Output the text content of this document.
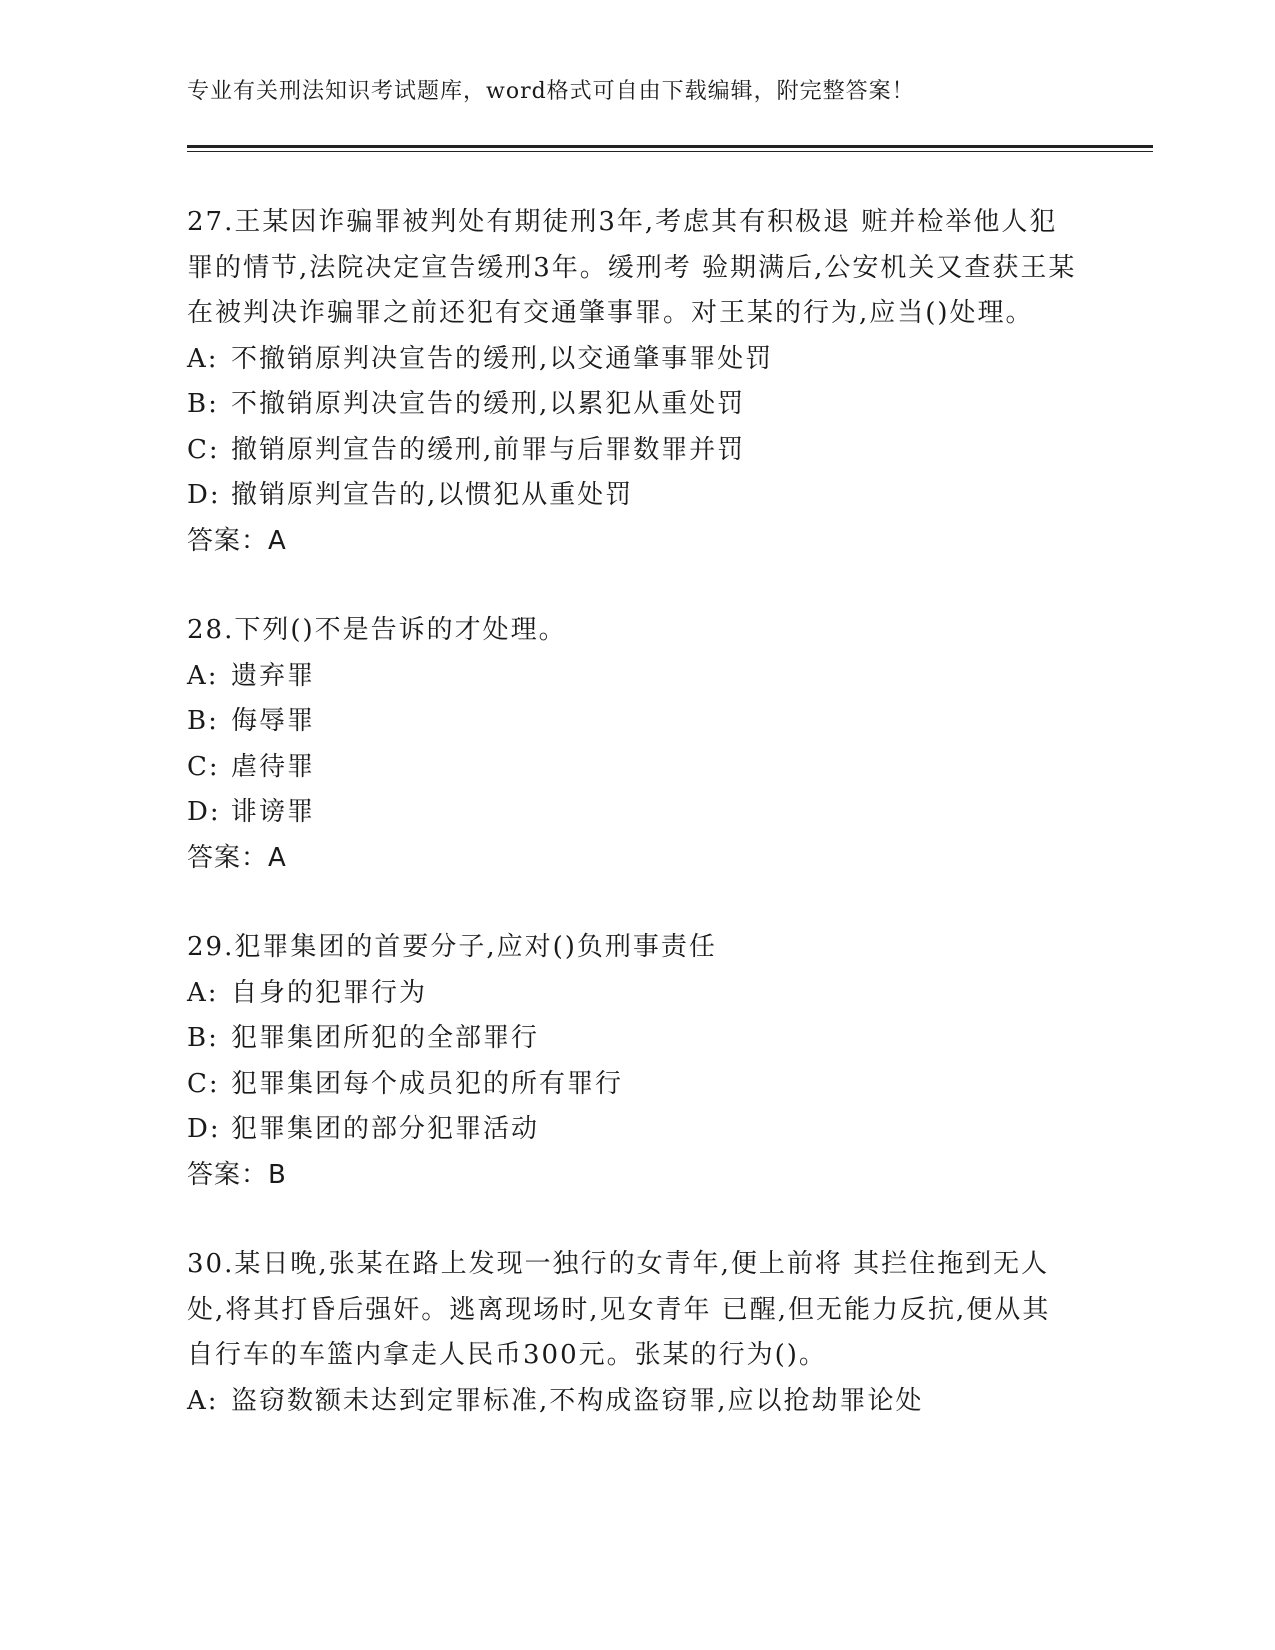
专业有关刑法知识考试题库，word格式可自由下载编辑，附完整答案！
27.王某因诈骗罪被判处有期徒刑3年,考虑其有积极退 赃并检举他人犯罪的情节,法院决定宣告缓刑3年。缓刑考 验期满后,公安机关又查获王某在被判决诈骗罪之前还犯有交通肇事罪。对王某的行为,应当()处理。
A: 不撤销原判决宣告的缓刑,以交通肇事罪处罚
B: 不撤销原判决宣告的缓刑,以累犯从重处罚
C: 撤销原判宣告的缓刑,前罪与后罪数罪并罚
D: 撤销原判宣告的,以惯犯从重处罚
答案：A
28.下列()不是告诉的才处理。
A: 遗弃罪
B: 侮辱罪
C: 虐待罪
D: 诽谤罪
答案：A
29.犯罪集团的首要分子,应对()负刑事责任
A: 自身的犯罪行为
B: 犯罪集团所犯的全部罪行
C: 犯罪集团每个成员犯的所有罪行
D: 犯罪集团的部分犯罪活动
答案：B
30.某日晚,张某在路上发现一独行的女青年,便上前将 其拦住拖到无人处,将其打昏后强奸。逃离现场时,见女青年 已醒,但无能力反抗,便从其自行车的车篮内拿走人民币300元。张某的行为()。
A: 盗窃数额未达到定罪标准,不构成盗窃罪,应以抢劫罪论处
